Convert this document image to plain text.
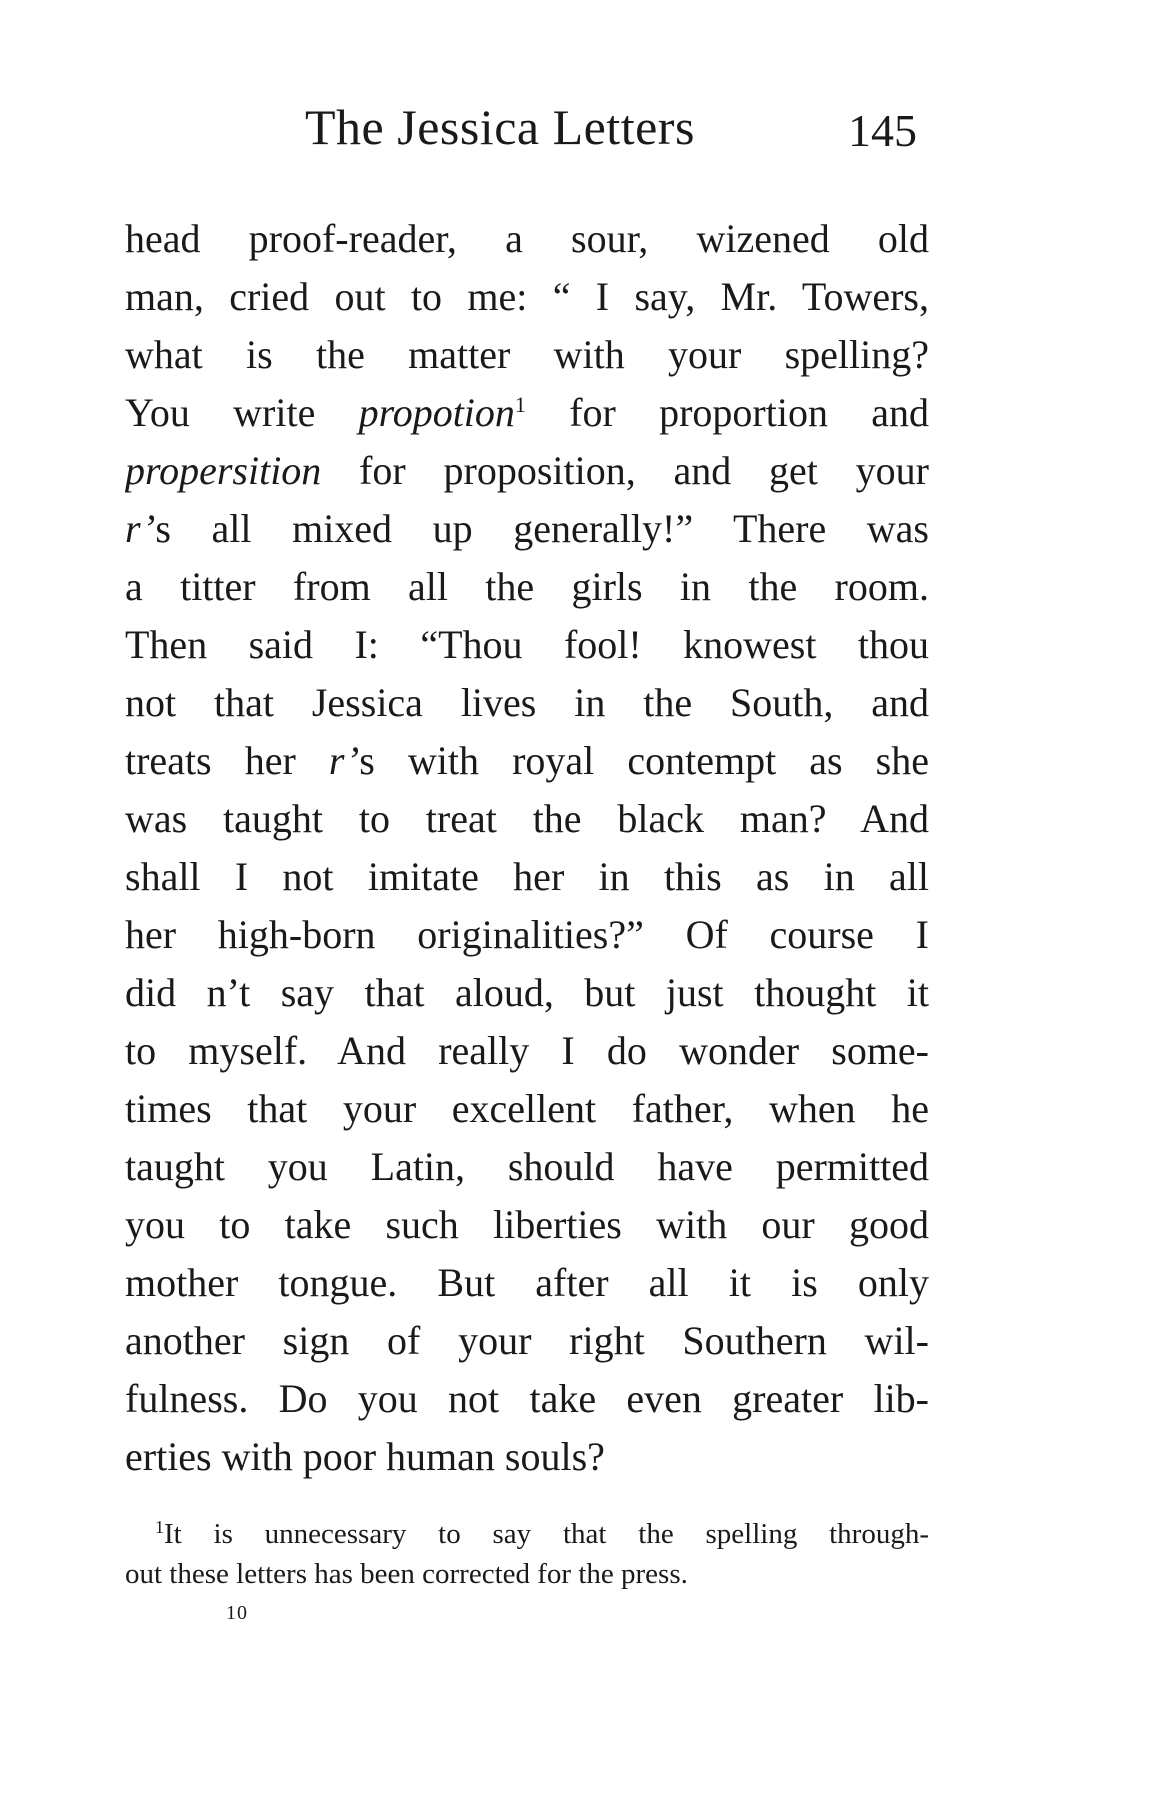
The Jessica Letters	145
head proof-reader, a sour, wizened old
man, cried out to me: “ I say, Mr. Towers,
what is the matter with your spelling?
You write propotion$^1$ for proportion and
propersition for proposition, and get your
r’s all mixed up generally!” There was
a titter from all the girls in the room.
Then said I: “Thou fool! knowest thou
not that Jessica lives in the South, and
treats her r’s with royal contempt as she
was taught to treat the black man? And
shall I not imitate her in this as in all
her high-born originalities?” Of course I
did n’t say that aloud, but just thought it
to myself. And really I do wonder some-
times that your excellent father, when he
taught you Latin, should have permitted
you to take such liberties with our good
mother tongue. But after all it is only
another sign of your right Southern wil-
fulness. Do you not take even greater lib-
erties with poor human souls?
$^1$It is unnecessary to say that the spelling through-
out these letters has been corrected for the press.
10
